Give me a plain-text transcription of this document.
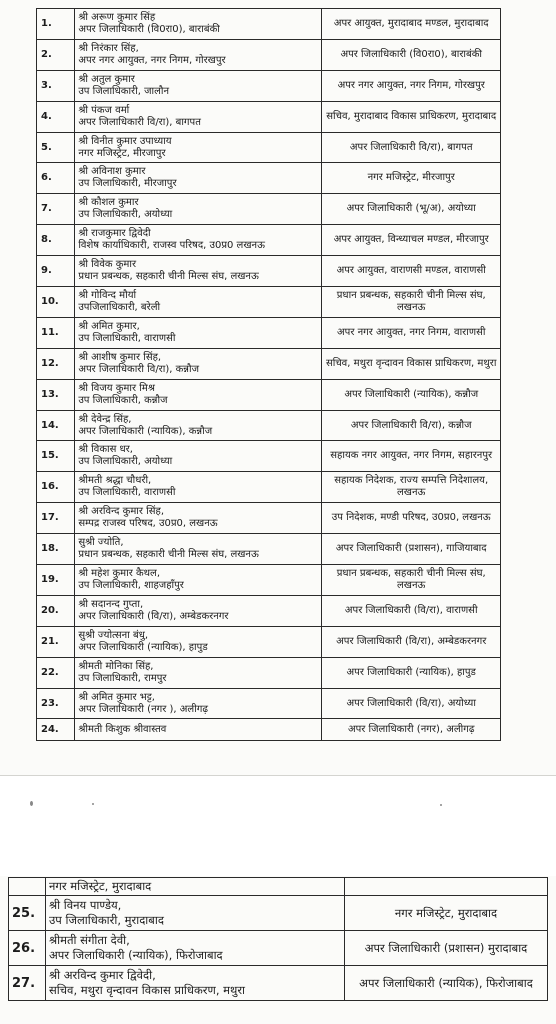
1.	श्री अरूण कुमार सिंह
अपर जिलाधिकारी (वि0रा0), बाराबंकी	अपर आयुक्त, मुरादाबाद मण्डल, मुरादाबाद
2.	श्री निरंकार सिंह,
अपर नगर आयुक्त, नगर निगम, गोरखपुर	अपर जिलाधिकारी (वि0रा0), बाराबंकी
3.	श्री अतुल कुमार
उप जिलाधिकारी, जालौन	अपर नगर आयुक्त, नगर निगम, गोरखपुर
4.	श्री पंकज वर्मा
अपर जिलाधिकारी वि/रा), बागपत	सचिव, मुरादाबाद विकास प्राधिकरण, मुरादाबाद
5.	श्री विनीत कुमार उपाध्याय
नगर मजिस्ट्रेट, मीरजापुर	अपर जिलाधिकारी वि/रा), बागपत
6.	श्री अविनाश कुमार
उप जिलाधिकारी, मीरजापुर	नगर मजिस्ट्रेट, मीरजापुर
7.	श्री कौशल कुमार
उप जिलाधिकारी, अयोध्या	अपर जिलाधिकारी (भू/अ), अयोध्या
8.	श्री राजकुमार द्विवेदी
विशेष कार्याधिकारी, राजस्व परिषद, उ0प्र0 लखनऊ	अपर आयुक्त, विन्ध्याचल मण्डल, मीरजापुर
9.	श्री विवेक कुमार
प्रधान प्रबन्धक, सहकारी चीनी मिल्स संघ, लखनऊ	अपर आयुक्त, वाराणसी मण्डल, वाराणसी
10.	श्री गोविन्द मौर्या
उपजिलाधिकारी, बरेली	प्रधान प्रबन्धक, सहकारी चीनी मिल्स संघ, लखनऊ
11.	श्री अमित कुमार,
उप जिलाधिकारी, वाराणसी	अपर नगर आयुक्त, नगर निगम, वाराणसी
12.	श्री आशीष कुमार सिंह,
अपर जिलाधिकारी वि/रा), कन्नौज	सचिव, मथुरा वृन्दावन विकास प्राधिकरण, मथुरा
13.	श्री विजय कुमार मिश्र
उप जिलाधिकारी, कन्नौज	अपर जिलाधिकारी (न्यायिक), कन्नौज
14.	श्री देवेन्द्र सिंह,
अपर जिलाधिकारी (न्यायिक), कन्नौज	अपर जिलाधिकारी वि/रा), कन्नौज
15.	श्री विकास धर,
उप जिलाधिकारी, अयोध्या	सहायक नगर आयुक्त, नगर निगम, सहारनपुर
16.	श्रीमती श्रद्धा चौधरी,
उप जिलाधिकारी, वाराणसी	सहायक निदेशक, राज्य सम्पत्ति निदेशालय, लखनऊ
17.	श्री अरविन्द कुमार सिंह,
सम्पद्र राजस्व परिषद, उ0प्र0, लखनऊ	उप निदेशक, मण्डी परिषद, उ0प्र0, लखनऊ
18.	सुश्री ज्योति,
प्रधान प्रबन्धक, सहकारी चीनी मिल्स संघ, लखनऊ	अपर जिलाधिकारी (प्रशासन), गाजियाबाद
19.	श्री महेश कुमार कैथल,
उप जिलाधिकारी, शाहजहाँपुर	प्रधान प्रबन्धक, सहकारी चीनी मिल्स संघ, लखनऊ
20.	श्री सदानन्द गुप्ता,
अपर जिलाधिकारी (वि/रा), अम्बेडकरनगर	अपर जिलाधिकारी (वि/रा), वाराणसी
21.	सुश्री ज्योत्सना बंधु,
अपर जिलाधिकारी (न्यायिक), हापुड	अपर जिलाधिकारी (वि/रा), अम्बेडकरनगर
22.	श्रीमती मोनिका सिंह,
उप जिलाधिकारी, रामपुर	अपर जिलाधिकारी (न्यायिक), हापुड
23.	श्री अमित कुमार भट्ट,
अपर जिलाधिकारी (नगर ), अलीगढ़	अपर जिलाधिकारी (वि/रा), अयोध्या
24.	श्रीमती किशुक श्रीवास्तव	अपर जिलाधिकारी (नगर), अलीगढ़
	नगर मजिस्ट्रेट, मुरादाबाद	
25.	श्री विनय पाण्डेय,
उप जिलाधिकारी, मुरादाबाद	नगर मजिस्ट्रेट, मुरादाबाद
26.	श्रीमती संगीता देवी,
अपर जिलाधिकारी (न्यायिक), फिरोजाबाद	अपर जिलाधिकारी (प्रशासन) मुरादाबाद
27.	श्री अरविन्द कुमार द्विवेदी,
सचिव, मथुरा वृन्दावन विकास प्राधिकरण, मथुरा	अपर जिलाधिकारी (न्यायिक), फिरोजाबाद
